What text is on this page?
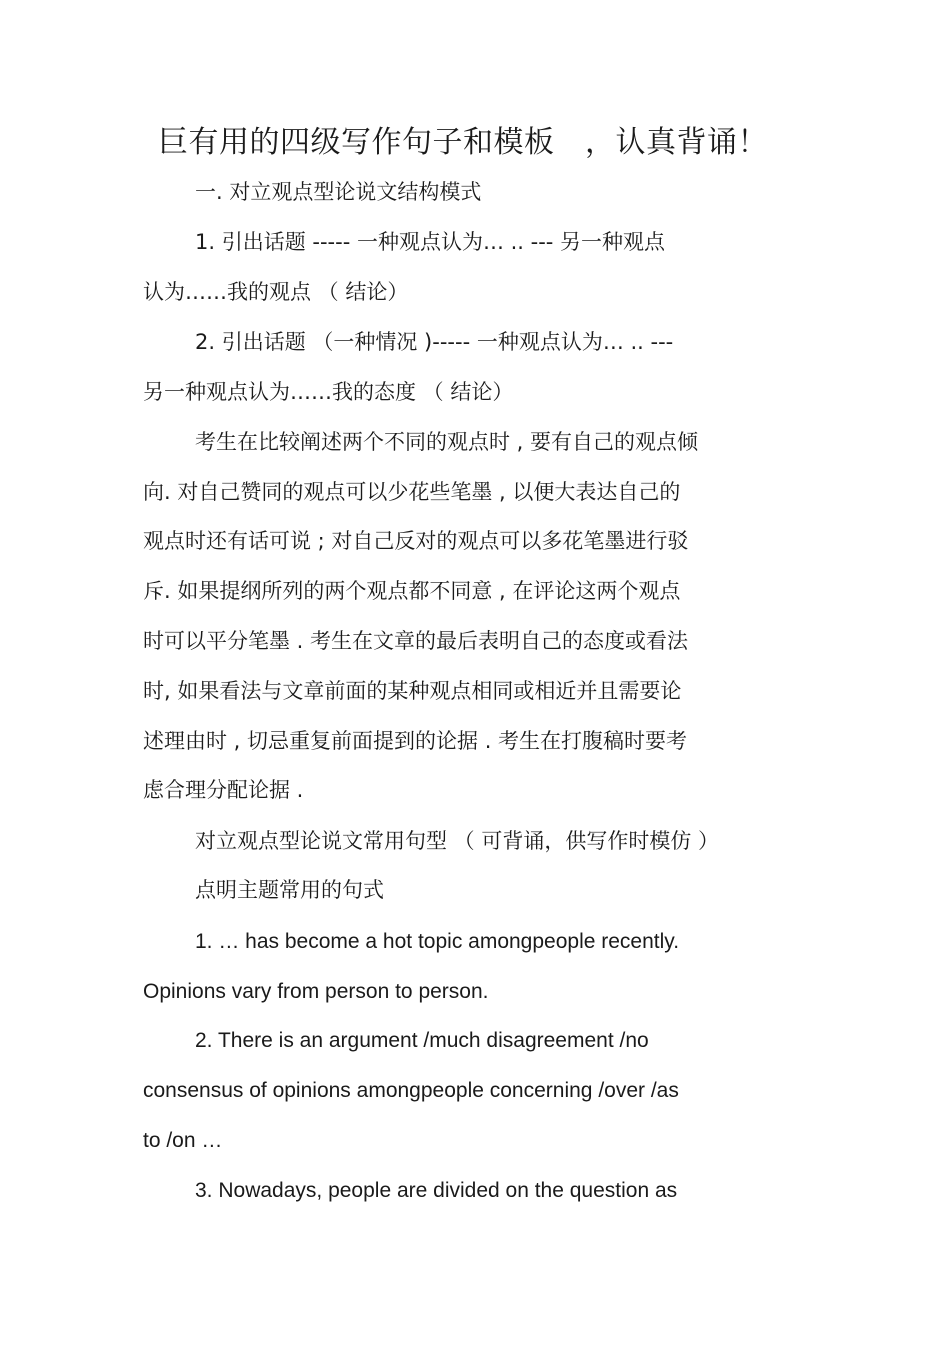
巨有用的四级写作句子和模板　，认真背诵！
一. 对立观点型论说文结构模式
1. 引出话题 ----- 一种观点认为… .. --- 另一种观点
认为……我的观点 （ 结论）
2. 引出话题 （一种情况 )----- 一种观点认为… .. ---
另一种观点认为……我的态度 （ 结论）
考生在比较阐述两个不同的观点时 , 要有自己的观点倾
向. 对自己赞同的观点可以少花些笔墨 , 以便大表达自己的
观点时还有话可说 ; 对自己反对的观点可以多花笔墨进行驳
斥. 如果提纲所列的两个观点都不同意 , 在评论这两个观点
时可以平分笔墨 . 考生在文章的最后表明自己的态度或看法
时, 如果看法与文章前面的某种观点相同或相近并且需要论
述理由时 , 切忌重复前面提到的论据 . 考生在打腹稿时要考
虑合理分配论据 .
对立观点型论说文常用句型 （ 可背诵，供写作时模仿 ）
点明主题常用的句式
1. … has become a hot topic amongpeople recently.
Opinions vary from person to person.
2. There is an argument /much disagreement /no
consensus of opinions amongpeople concerning /over /as
to /on …
3. Nowadays, people are divided on the question as
